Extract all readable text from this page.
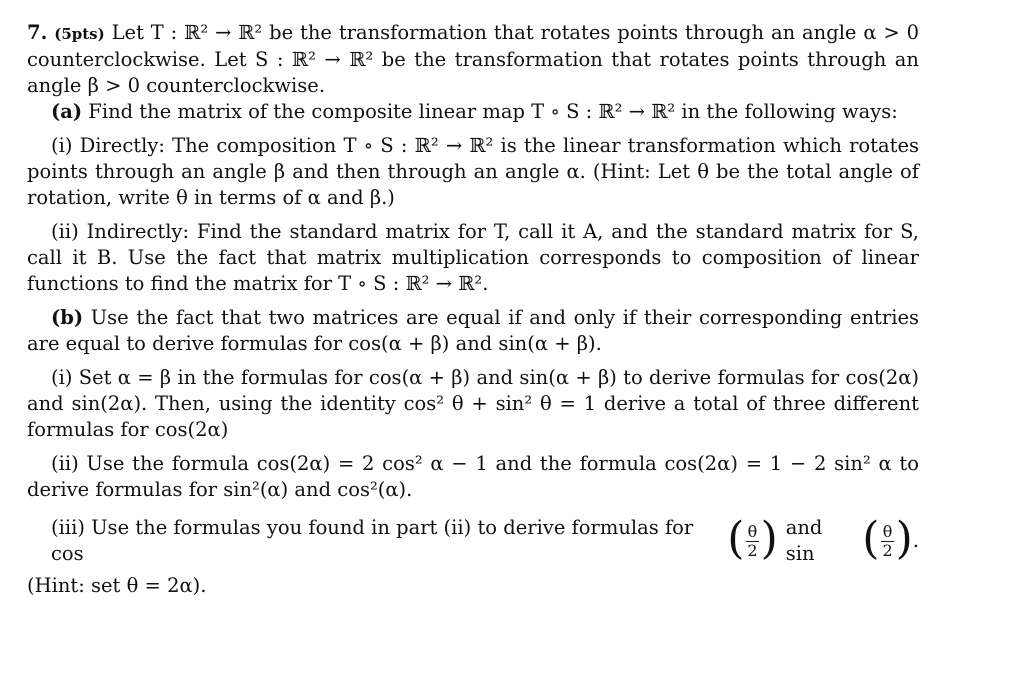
7. (5pts) Let T : ℝ² → ℝ² be the transformation that rotates points through an angle α > 0 counterclockwise. Let S : ℝ² → ℝ² be the transformation that rotates points through an angle β > 0 counterclockwise.

(a) Find the matrix of the composite linear map T ∘ S : ℝ² → ℝ² in the following ways:

(i) Directly: The composition T ∘ S : ℝ² → ℝ² is the linear transformation which rotates points through an angle β and then through an angle α. (Hint: Let θ be the total angle of rotation, write θ in terms of α and β.)

(ii) Indirectly: Find the standard matrix for T, call it A, and the standard matrix for S, call it B. Use the fact that matrix multiplication corresponds to composition of linear functions to find the matrix for T ∘ S : ℝ² → ℝ².

(b) Use the fact that two matrices are equal if and only if their corresponding entries are equal to derive formulas for cos(α + β) and sin(α + β).

(i) Set α = β in the formulas for cos(α + β) and sin(α + β) to derive formulas for cos(2α) and sin(2α). Then, using the identity cos² θ + sin² θ = 1 derive a total of three different formulas for cos(2α)

(ii) Use the formula cos(2α) = 2 cos² α − 1 and the formula cos(2α) = 1 − 2 sin² α to derive formulas for sin²(α) and cos²(α).

(iii) Use the formulas you found in part (ii) to derive formulas for cos	( $\frac{\theta}{2}$ ) and sin	( $\frac{\theta}{2}$ ) .

(Hint: set θ = 2α).
